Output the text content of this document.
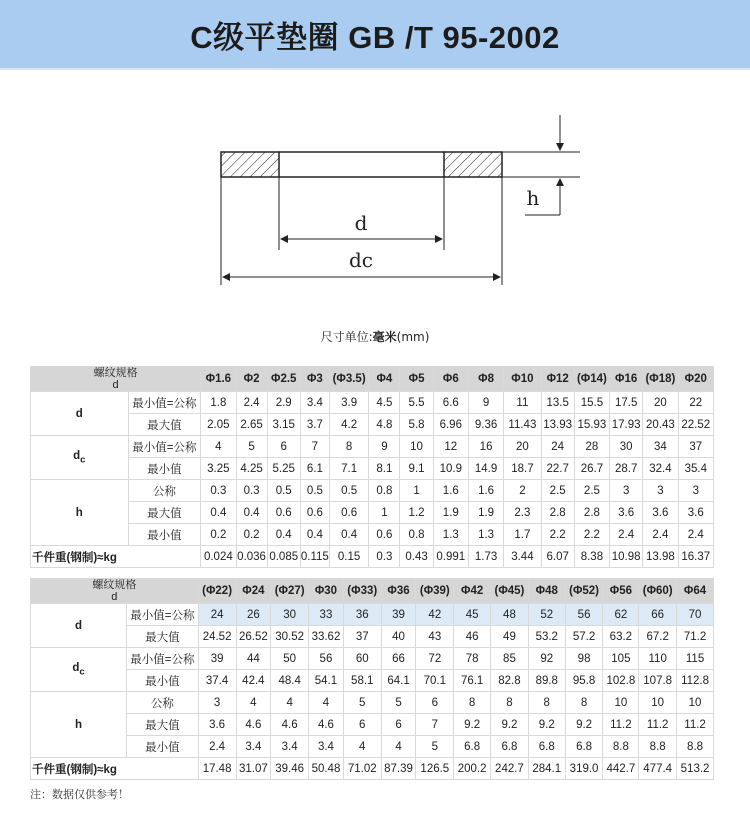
C级平垫圈 GB /T 95-2002
d
dc
h
尺寸单位:毫米(mm)
螺纹规格
d		Φ1.6	Φ2	Φ2.5	Φ3	(Φ3.5)	Φ4	Φ5	Φ6	Φ8	Φ10	Φ12	(Φ14)	Φ16	(Φ18)	Φ20
d	最小值=公称	1.8	2.4	2.9	3.4	3.9	4.5	5.5	6.6	9	11	13.5	15.5	17.5	20	22
	最大值	2.05	2.65	3.15	3.7	4.2	4.8	5.8	6.96	9.36	11.43	13.93	15.93	17.93	20.43	22.52
$d_c$	最小值=公称	4	5	6	7	8	9	10	12	16	20	24	28	30	34	37
	最小值	3.25	4.25	5.25	6.1	7.1	8.1	9.1	10.9	14.9	18.7	22.7	26.7	28.7	32.4	35.4
h	公称	0.3	0.3	0.5	0.5	0.5	0.8	1	1.6	1.6	2	2.5	2.5	3	3	3
	最大值	0.4	0.4	0.6	0.6	0.6	1	1.2	1.9	1.9	2.3	2.8	2.8	3.6	3.6	3.6
	最小值	0.2	0.2	0.4	0.4	0.4	0.6	0.8	1.3	1.3	1.7	2.2	2.2	2.4	2.4	2.4
千件重(钢制)≈kg		0.024	0.036	0.085	0.115	0.15	0.3	0.43	0.991	1.73	3.44	6.07	8.38	10.98	13.98	16.37
螺纹规格
d		(Φ22)	Φ24	(Φ27)	Φ30	(Φ33)	Φ36	(Φ39)	Φ42	(Φ45)	Φ48	(Φ52)	Φ56	(Φ60)	Φ64
d	最小值=公称	24	26	30	33	36	39	42	45	48	52	56	62	66	70
	最大值	24.52	26.52	30.52	33.62	37	40	43	46	49	53.2	57.2	63.2	67.2	71.2
$d_c$	最小值=公称	39	44	50	56	60	66	72	78	85	92	98	105	110	115
	最小值	37.4	42.4	48.4	54.1	58.1	64.1	70.1	76.1	82.8	89.8	95.8	102.8	107.8	112.8
h	公称	3	4	4	4	5	5	6	8	8	8	8	10	10	10
	最大值	3.6	4.6	4.6	4.6	6	6	7	9.2	9.2	9.2	9.2	11.2	11.2	11.2
	最小值	2.4	3.4	3.4	3.4	4	4	5	6.8	6.8	6.8	6.8	8.8	8.8	8.8
千件重(钢制)≈kg		17.48	31.07	39.46	50.48	71.02	87.39	126.5	200.2	242.7	284.1	319.0	442.7	477.4	513.2
注：数据仅供参考！
